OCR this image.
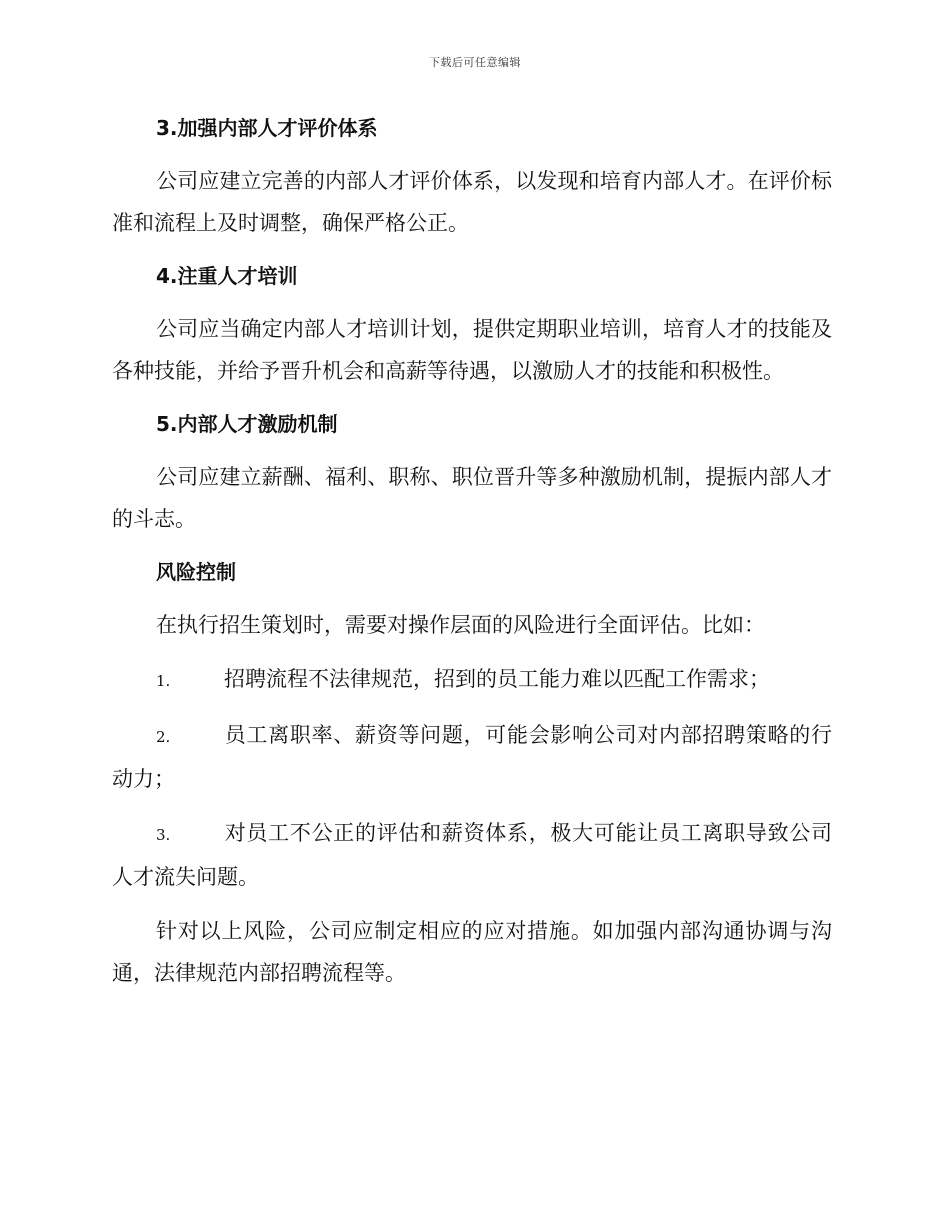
下载后可任意编辑
3.加强内部人才评价体系

公司应建立完善的内部人才评价体系，以发现和培育内部人才。在评价标准和流程上及时调整，确保严格公正。

4.注重人才培训

公司应当确定内部人才培训计划，提供定期职业培训，培育人才的技能及各种技能，并给予晋升机会和高薪等待遇，以激励人才的技能和积极性。

5.内部人才激励机制

公司应建立薪酬、福利、职称、职位晋升等多种激励机制，提振内部人才的斗志。

风险控制

在执行招生策划时，需要对操作层面的风险进行全面评估。比如：

1.	招聘流程不法律规范，招到的员工能力难以匹配工作需求；

2.	员工离职率、薪资等问题，可能会影响公司对内部招聘策略的行动力；

3.	对员工不公正的评估和薪资体系，极大可能让员工离职导致公司人才流失问题。

针对以上风险，公司应制定相应的应对措施。如加强内部沟通协调与沟通，法律规范内部招聘流程等。
